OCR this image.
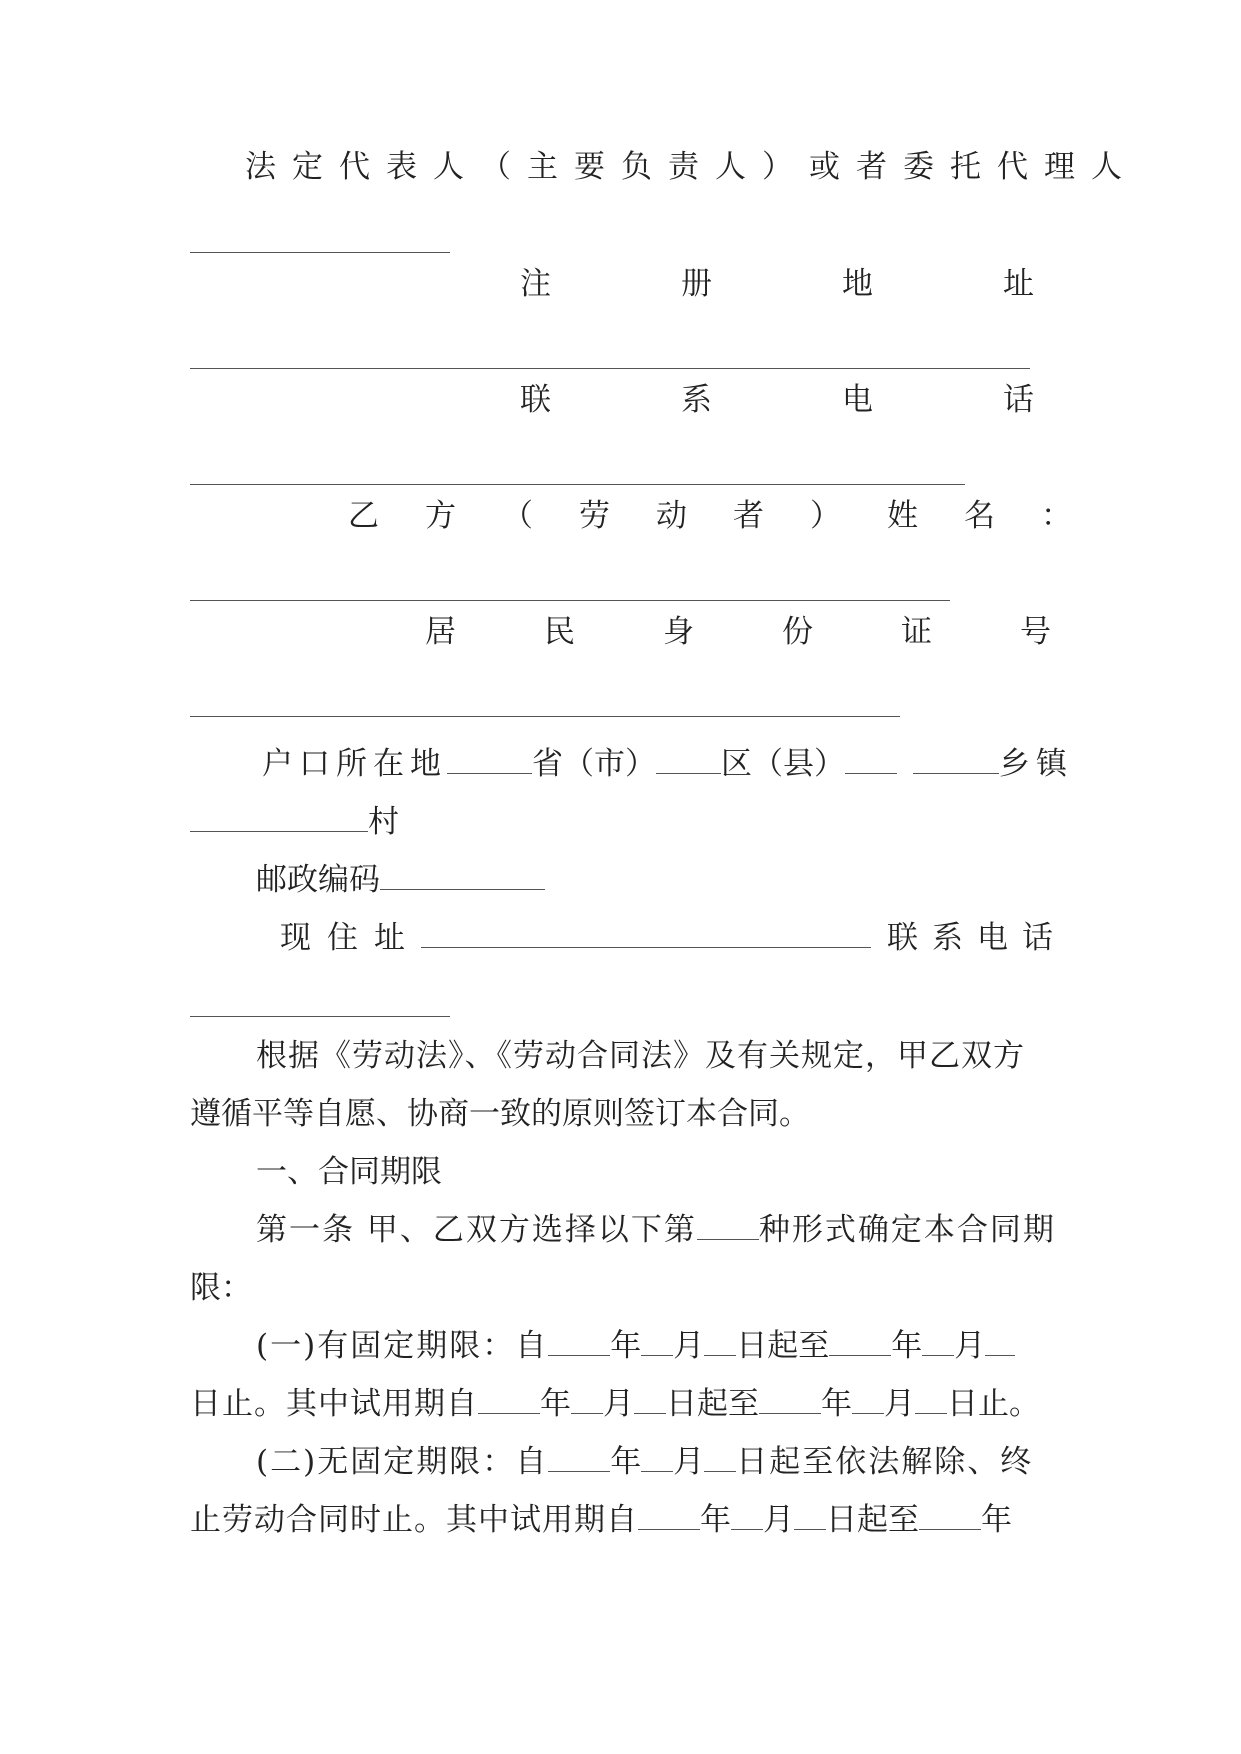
法定代表人（主要负责人）或者委托代理人
注册地址
联系电话
乙方（劳动者）姓名：
居民身份证号
户口所在地	省（市） 区（县）	乡镇
村
邮政编码
现住址	联系电话
根据《劳动法》、《劳动合同法》及有关规定，甲乙双方
遵循平等自愿、协商一致的原则签订本合同。
一、合同期限
第一条 甲、乙双方选择以下第 种形式确定本合同期
限：
(一)有固定期限：自 年 月 日起至 年 月
日止。其中试用期自 年 月 日起至 年 月 日止。
(二)无固定期限：自 年 月 日起至依法解除、终
止劳动合同时止。其中试用期自 年 月 日起至 年
